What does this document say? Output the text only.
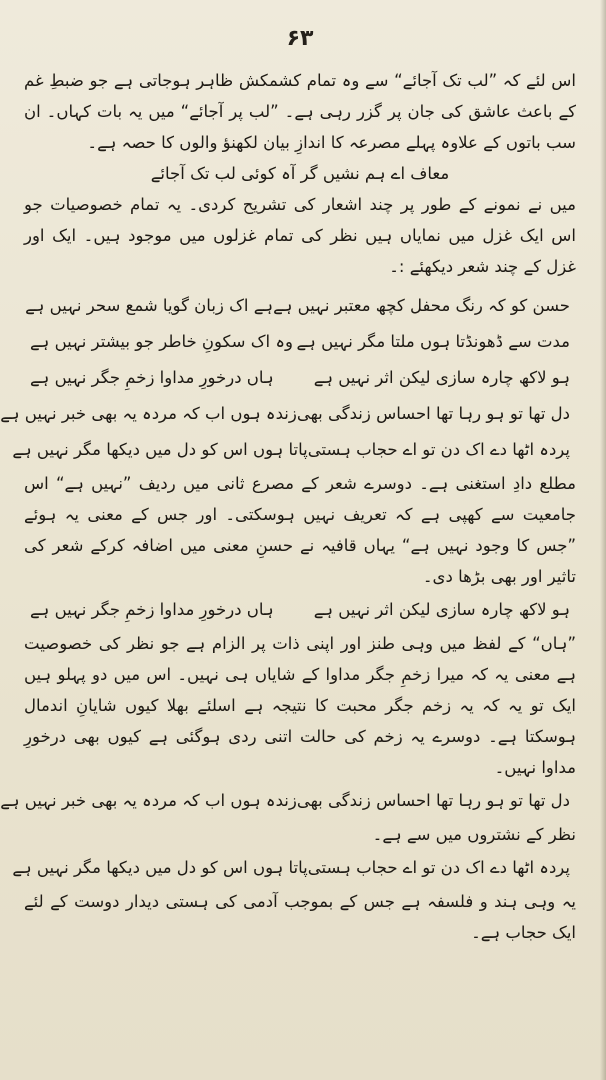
۶۳

اس لئے کہ ”لب تک آجائے“ سے وہ تمام کشمکش ظاہر ہوجاتی ہے جو ضبطِ غم کے باعث عاشق کی جان پر گزر رہی ہے۔ ”لب پر آجائے“ میں یہ بات کہاں۔ ان سب باتوں کے علاوہ پہلے مصرعہ کا اندازِ بیان لکھنؤ والوں کا حصہ ہے۔

معاف اے ہم نشیں گر آہ کوئی لب تک آجائے

میں نے نمونے کے طور پر چند اشعار کی تشریح کردی۔ یہ تمام خصوصیات جو اس ایک غزل میں نمایاں ہیں نظر کی تمام غزلوں میں موجود ہیں۔ ایک اور غزل کے چند شعر دیکھئے :۔

حسن کو کہ رنگ محفل کچھ معتبر نہیں ہے
ہے اک زبان گویا شمع سحر نہیں ہے
مدت سے ڈھونڈتا ہوں ملتا مگر نہیں ہے
وہ اک سکونِ خاطر جو بیشتر نہیں ہے
ہو لاکھ چارہ سازی لیکن اثر نہیں ہے
ہاں درخورِ مداوا زخمِ جگر نہیں ہے
دل تھا تو ہو رہا تھا احساس زندگی بھی
زندہ ہوں اب کہ مردہ یہ بھی خبر نہیں ہے
پردہ اٹھا دے اک دن تو اے حجاب ہستی
پاتا ہوں اس کو دل میں دیکھا مگر نہیں ہے

مطلع دادِ استغنی ہے۔ دوسرے شعر کے مصرع ثانی میں ردیف ”نہیں ہے“ اس جامعیت سے کھپی ہے کہ تعریف نہیں ہوسکتی۔ اور جس کے معنی یہ ہوئے ”جس کا وجود نہیں ہے“ یہاں قافیہ نے حسنِ معنی میں اضافہ کرکے شعر کی تاثیر اور بھی بڑھا دی۔

ہو لاکھ چارہ سازی لیکن اثر نہیں ہے
ہاں درخورِ مداوا زخمِ جگر نہیں ہے

”ہاں“ کے لفظ میں وہی طنز اور اپنی ذات پر الزام ہے جو نظر کی خصوصیت ہے معنی یہ کہ میرا زخمِ جگر مداوا کے شایاں ہی نہیں۔ اس میں دو پہلو ہیں ایک تو یہ کہ یہ زخم جگر محبت کا نتیجہ ہے اسلئے بھلا کیوں شایانِ اندمال ہوسکتا ہے۔ دوسرے یہ زخم کی حالت اتنی ردی ہوگئی ہے کیوں بھی درخورِ مداوا نہیں۔

دل تھا تو ہو رہا تھا احساس زندگی بھی
زندہ ہوں اب کہ مردہ یہ بھی خبر نہیں ہے

نظر کے نشتروں میں سے ہے۔

پردہ اٹھا دے اک دن تو اے حجاب ہستی
پاتا ہوں اس کو دل میں دیکھا مگر نہیں ہے

یہ وہی ہند و فلسفہ ہے جس کے بموجب آدمی کی ہستی دیدار دوست کے لئے ایک حجاب ہے۔
